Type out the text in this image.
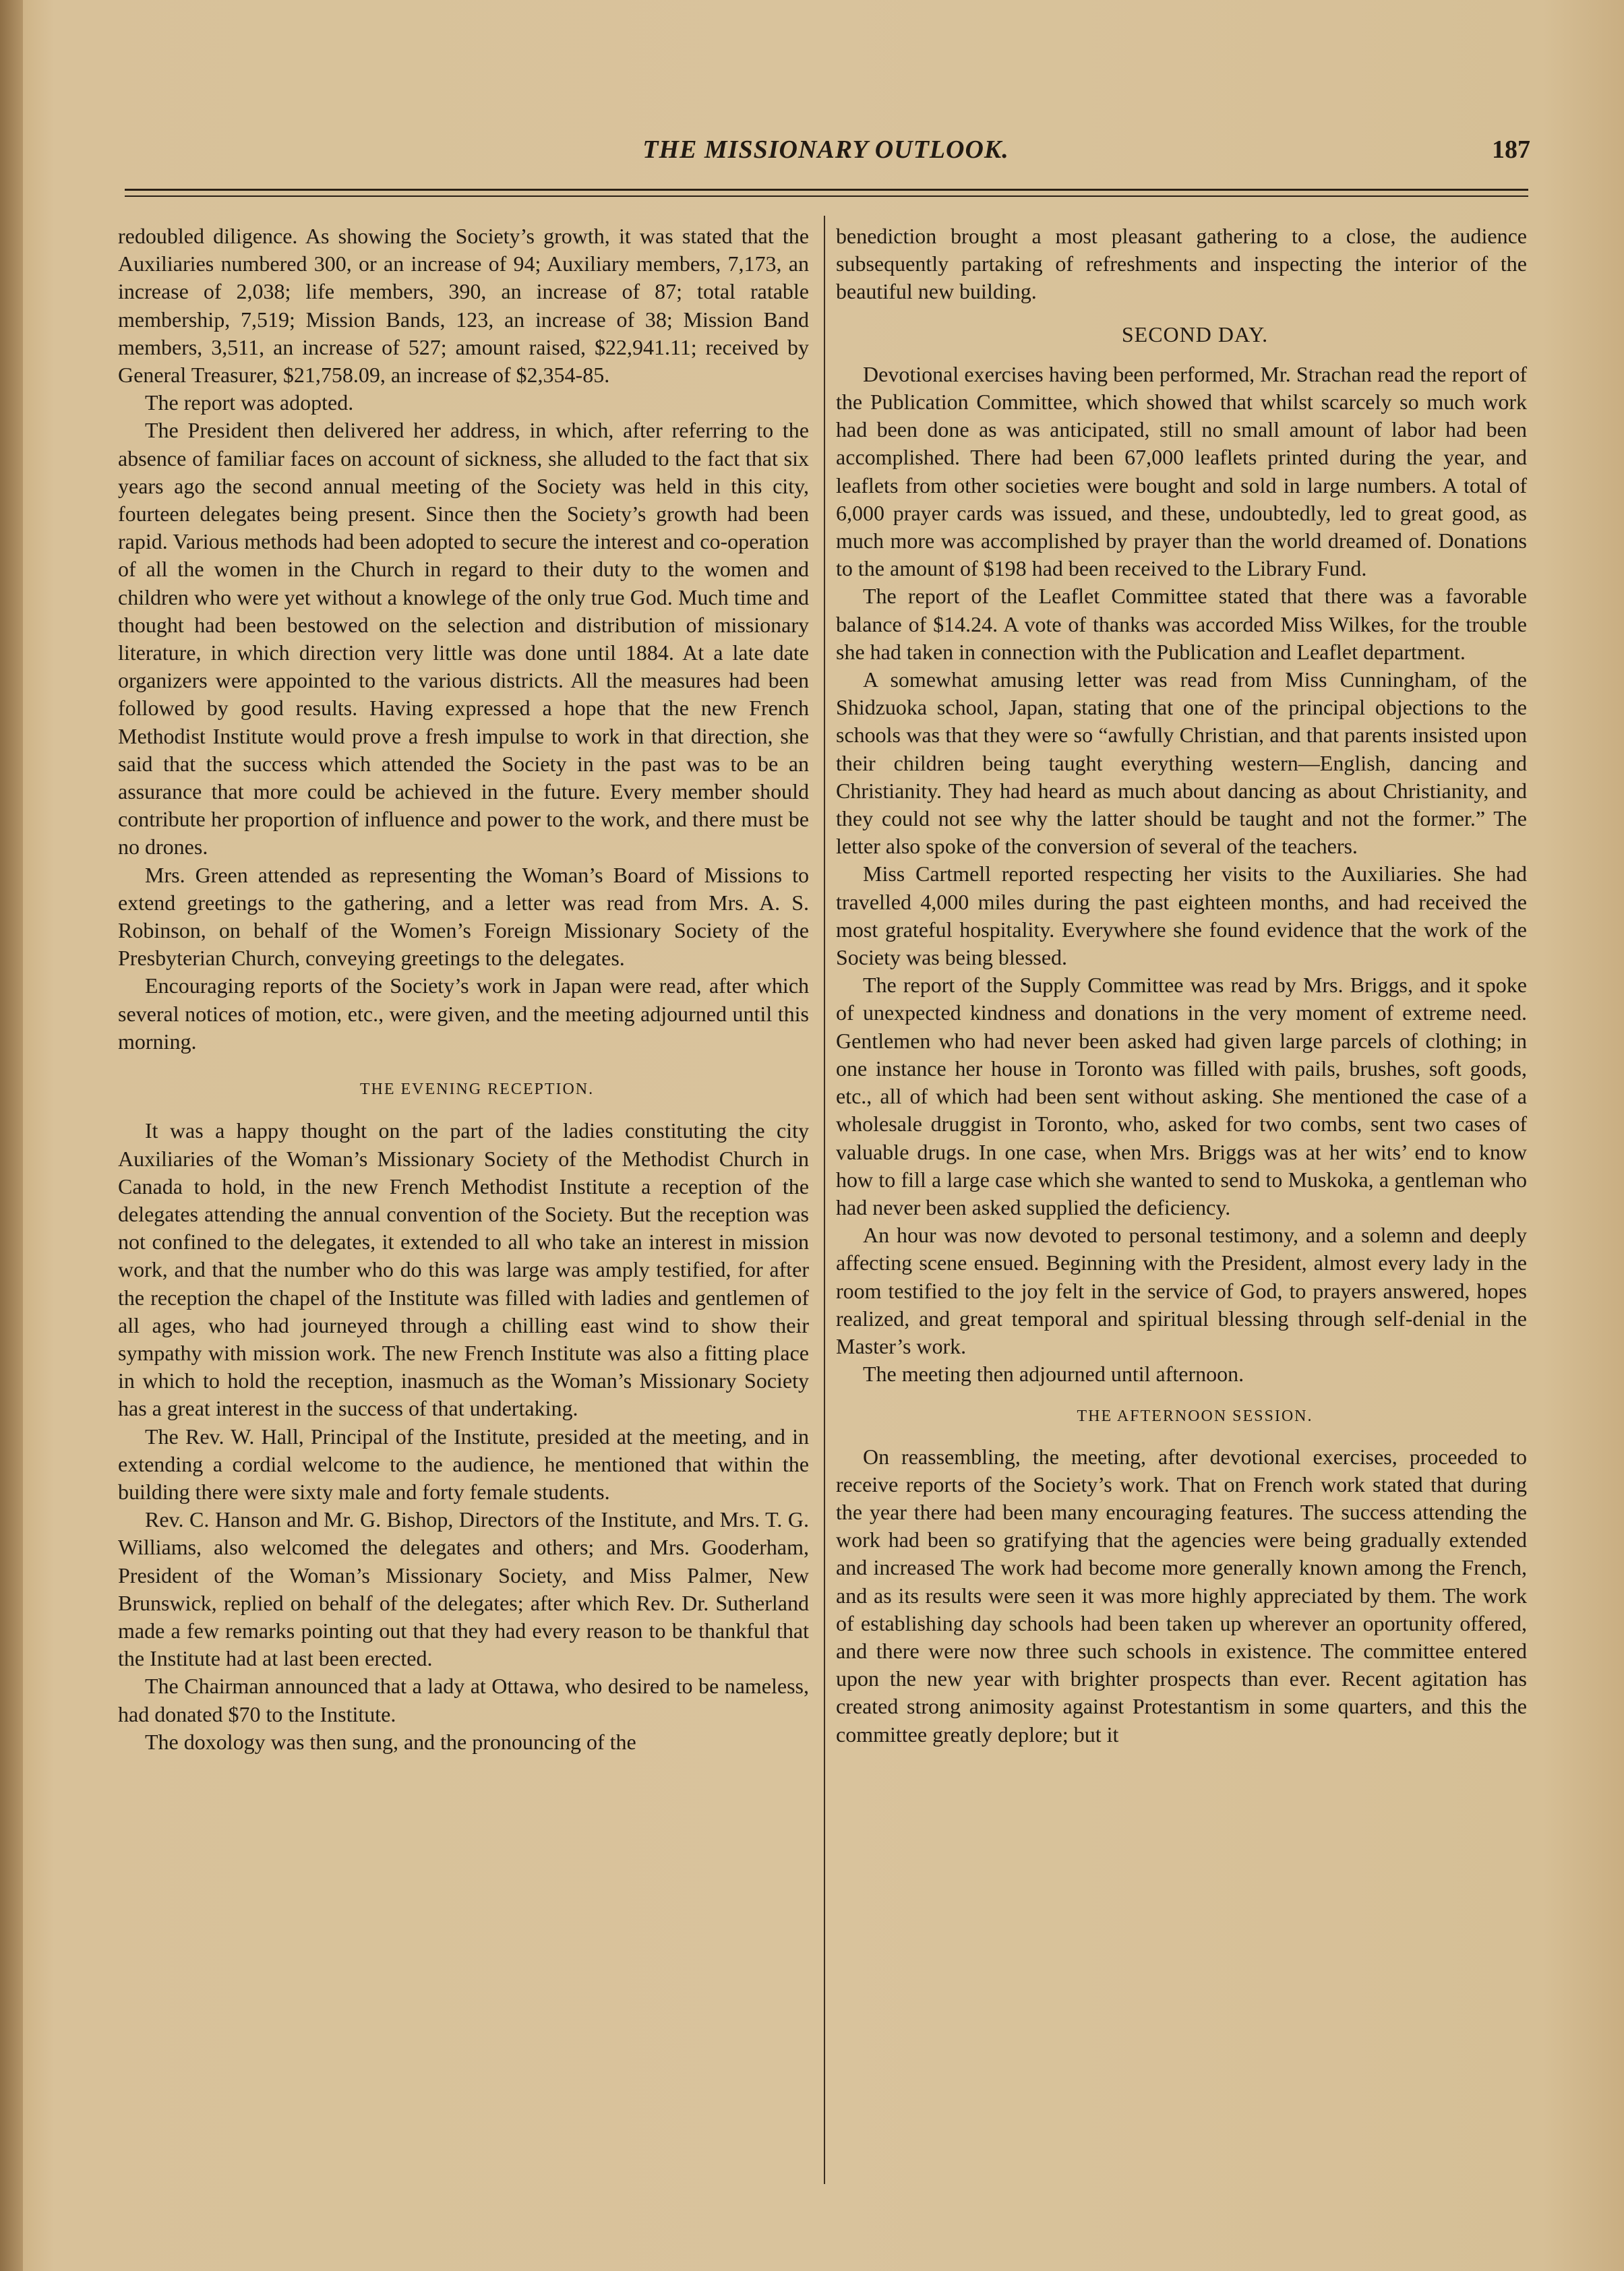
THE MISSIONARY OUTLOOK.	187

redoubled diligence. As showing the Society’s growth, it was stated that the Auxiliaries numbered 300, or an increase of 94; Auxiliary members, 7,173, an increase of 2,038; life members, 390, an increase of 87; total ratable membership, 7,519; Mission Bands, 123, an increase of 38; Mission Band members, 3,511, an increase of 527; amount raised, $22,941.11; received by General Treasurer, $21,758.09, an increase of $2,354-85.

The report was adopted.

The President then delivered her address, in which, after referring to the absence of familiar faces on account of sickness, she alluded to the fact that six years ago the second annual meeting of the Society was held in this city, fourteen delegates being present. Since then the Society’s growth had been rapid. Various methods had been adopted to secure the interest and co-operation of all the women in the Church in regard to their duty to the women and children who were yet without a knowlege of the only true God. Much time and thought had been bestowed on the selection and distribution of missionary literature, in which direction very little was done until 1884. At a late date organizers were appointed to the various districts. All the measures had been followed by good results. Having expressed a hope that the new French Methodist Institute would prove a fresh impulse to work in that direction, she said that the success which attended the Society in the past was to be an assurance that more could be achieved in the future. Every member should contribute her proportion of influence and power to the work, and there must be no drones.

Mrs. Green attended as representing the Woman’s Board of Missions to extend greetings to the gathering, and a letter was read from Mrs. A. S. Robinson, on behalf of the Women’s Foreign Missionary Society of the Presbyterian Church, conveying greetings to the delegates.

Encouraging reports of the Society’s work in Japan were read, after which several notices of motion, etc., were given, and the meeting adjourned until this morning.

THE EVENING RECEPTION.

It was a happy thought on the part of the ladies constituting the city Auxiliaries of the Woman’s Missionary Society of the Methodist Church in Canada to hold, in the new French Methodist Institute a reception of the delegates attending the annual convention of the Society. But the reception was not confined to the delegates, it extended to all who take an interest in mission work, and that the number who do this was large was amply testified, for after the reception the chapel of the Institute was filled with ladies and gentlemen of all ages, who had journeyed through a chilling east wind to show their sympathy with mission work. The new French Institute was also a fitting place in which to hold the reception, inasmuch as the Woman’s Missionary Society has a great interest in the success of that undertaking.

The Rev. W. Hall, Principal of the Institute, presided at the meeting, and in extending a cordial welcome to the audience, he mentioned that within the building there were sixty male and forty female students.

Rev. C. Hanson and Mr. G. Bishop, Directors of the Institute, and Mrs. T. G. Williams, also welcomed the delegates and others; and Mrs. Gooderham, President of the Woman’s Missionary Society, and Miss Palmer, New Brunswick, replied on behalf of the delegates; after which Rev. Dr. Sutherland made a few remarks pointing out that they had every reason to be thankful that the Institute had at last been erected.

The Chairman announced that a lady at Ottawa, who desired to be nameless, had donated $70 to the Institute.

The doxology was then sung, and the pronouncing of the

benediction brought a most pleasant gathering to a close, the audience subsequently partaking of refreshments and inspecting the interior of the beautiful new building.

SECOND DAY.

Devotional exercises having been performed, Mr. Strachan read the report of the Publication Committee, which showed that whilst scarcely so much work had been done as was anticipated, still no small amount of labor had been accomplished. There had been 67,000 leaflets printed during the year, and leaflets from other societies were bought and sold in large numbers. A total of 6,000 prayer cards was issued, and these, undoubtedly, led to great good, as much more was accomplished by prayer than the world dreamed of. Donations to the amount of $198 had been received to the Library Fund.

The report of the Leaflet Committee stated that there was a favorable balance of $14.24. A vote of thanks was accorded Miss Wilkes, for the trouble she had taken in connection with the Publication and Leaflet department.

A somewhat amusing letter was read from Miss Cunningham, of the Shidzuoka school, Japan, stating that one of the principal objections to the schools was that they were so “awfully Christian, and that parents insisted upon their children being taught everything western—English, dancing and Christianity. They had heard as much about dancing as about Christianity, and they could not see why the latter should be taught and not the former.” The letter also spoke of the conversion of several of the teachers.

Miss Cartmell reported respecting her visits to the Auxiliaries. She had travelled 4,000 miles during the past eighteen months, and had received the most grateful hospitality. Everywhere she found evidence that the work of the Society was being blessed.

The report of the Supply Committee was read by Mrs. Briggs, and it spoke of unexpected kindness and donations in the very moment of extreme need. Gentlemen who had never been asked had given large parcels of clothing; in one instance her house in Toronto was filled with pails, brushes, soft goods, etc., all of which had been sent without asking. She mentioned the case of a wholesale druggist in Toronto, who, asked for two combs, sent two cases of valuable drugs. In one case, when Mrs. Briggs was at her wits’ end to know how to fill a large case which she wanted to send to Muskoka, a gentleman who had never been asked supplied the deficiency.

An hour was now devoted to personal testimony, and a solemn and deeply affecting scene ensued. Beginning with the President, almost every lady in the room testified to the joy felt in the service of God, to prayers answered, hopes realized, and great temporal and spiritual blessing through self-denial in the Master’s work.

The meeting then adjourned until afternoon.

THE AFTERNOON SESSION.

On reassembling, the meeting, after devotional exercises, proceeded to receive reports of the Society’s work. That on French work stated that during the year there had been many encouraging features. The success attending the work had been so gratifying that the agencies were being gradually extended and increased The work had become more generally known among the French, and as its results were seen it was more highly appreciated by them. The work of establishing day schools had been taken up wherever an oportunity offered, and there were now three such schools in existence. The committee entered upon the new year with brighter prospects than ever. Recent agitation has created strong animosity against Protestantism in some quarters, and this the committee greatly deplore; but it
